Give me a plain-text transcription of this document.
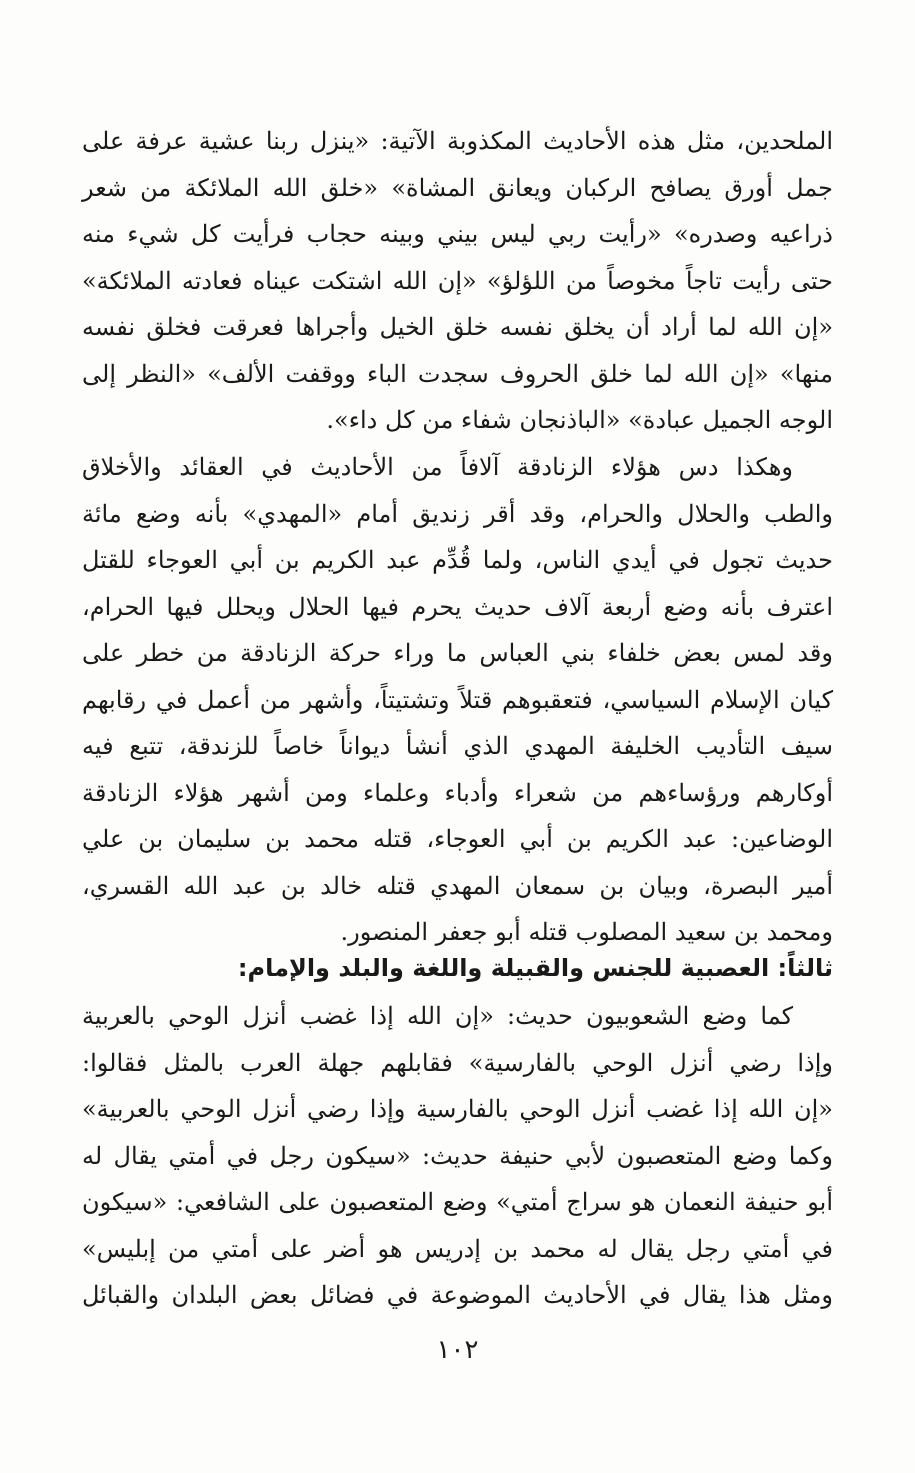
الملحدين، مثل هذه الأحاديث المكذوبة الآتية: «ينزل ربنا عشية عرفة على
جمل أورق يصافح الركبان ويعانق المشاة» «خلق الله الملائكة من شعر
ذراعيه وصدره» «رأيت ربي ليس بيني وبينه حجاب فرأيت كل شيء منه
حتى رأيت تاجاً مخوصاً من اللؤلؤ» «إن الله اشتكت عيناه فعادته الملائكة»
«إن الله لما أراد أن يخلق نفسه خلق الخيل وأجراها فعرقت فخلق نفسه
منها» «إن الله لما خلق الحروف سجدت الباء ووقفت الألف» «النظر إلى
الوجه الجميل عبادة» «الباذنجان شفاء من كل داء».
وهكذا دس هؤلاء الزنادقة آلافاً من الأحاديث في العقائد والأخلاق
والطب والحلال والحرام، وقد أقر زنديق أمام «المهدي» بأنه وضع مائة
حديث تجول في أيدي الناس، ولما قُدِّم عبد الكريم بن أبي العوجاء للقتل
اعترف بأنه وضع أربعة آلاف حديث يحرم فيها الحلال ويحلل فيها الحرام،
وقد لمس بعض خلفاء بني العباس ما وراء حركة الزنادقة من خطر على
كيان الإسلام السياسي، فتعقبوهم قتلاً وتشتيتاً، وأشهر من أعمل في رقابهم
سيف التأديب الخليفة المهدي الذي أنشأ ديواناً خاصاً للزندقة، تتبع فيه
أوكارهم ورؤساءهم من شعراء وأدباء وعلماء ومن أشهر هؤلاء الزنادقة
الوضاعين: عبد الكريم بن أبي العوجاء، قتله محمد بن سليمان بن علي
أمير البصرة، وبيان بن سمعان المهدي قتله خالد بن عبد الله القسري،
ومحمد بن سعيد المصلوب قتله أبو جعفر المنصور.
ثالثاً: العصبية للجنس والقبيلة واللغة والبلد والإمام:
كما وضع الشعوبيون حديث: «إن الله إذا غضب أنزل الوحي بالعربية
وإذا رضي أنزل الوحي بالفارسية» فقابلهم جهلة العرب بالمثل فقالوا:
«إن الله إذا غضب أنزل الوحي بالفارسية وإذا رضي أنزل الوحي بالعربية»
وكما وضع المتعصبون لأبي حنيفة حديث: «سيكون رجل في أمتي يقال له
أبو حنيفة النعمان هو سراج أمتي» وضع المتعصبون على الشافعي: «سيكون
في أمتي رجل يقال له محمد بن إدريس هو أضر على أمتي من إبليس»
ومثل هذا يقال في الأحاديث الموضوعة في فضائل بعض البلدان والقبائل
١٠٢
